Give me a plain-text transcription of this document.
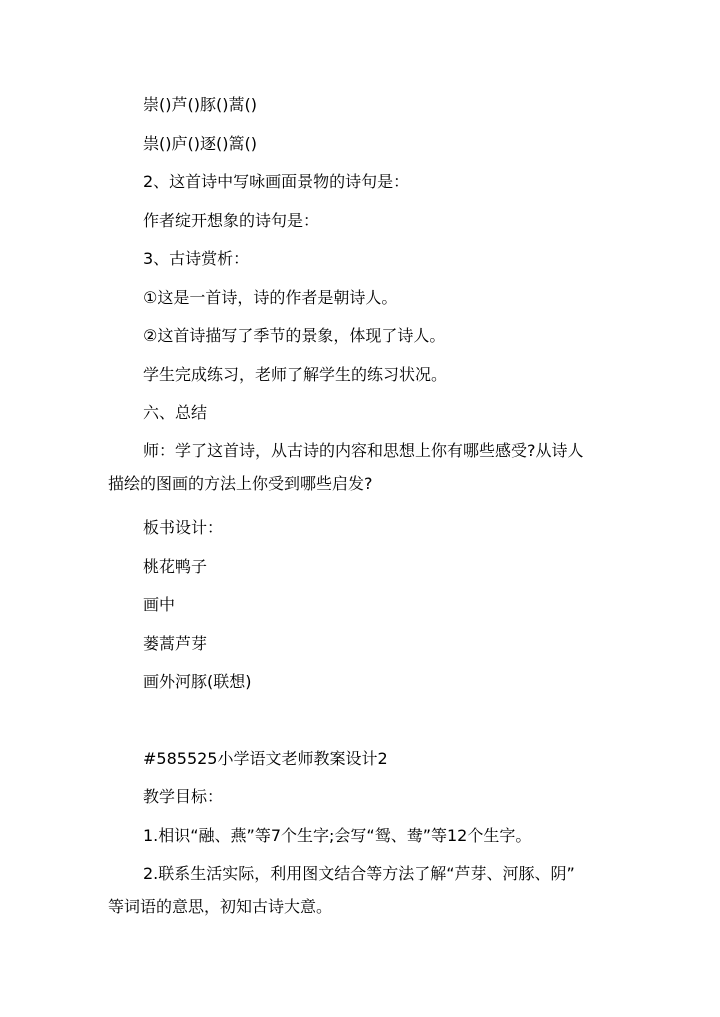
崇()芦()豚()蒿()
祟()庐()逐()篙()
2、这首诗中写咏画面景物的诗句是：
作者绽开想象的诗句是：
3、古诗赏析：
①这是一首诗，诗的作者是朝诗人。
②这首诗描写了季节的景象，体现了诗人。
学生完成练习，老师了解学生的练习状况。
六、总结
师：学了这首诗，从古诗的内容和思想上你有哪些感受?从诗人
描绘的图画的方法上你受到哪些启发?
板书设计：
桃花鸭子
画中
蒌蒿芦芽
画外河豚(联想)
#585525小学语文老师教案设计2
教学目标：
1.相识“融、燕”等7个生字;会写“鸳、鸯”等12个生字。
2.联系生活实际，利用图文结合等方法了解“芦芽、河豚、阴”
等词语的意思，初知古诗大意。
